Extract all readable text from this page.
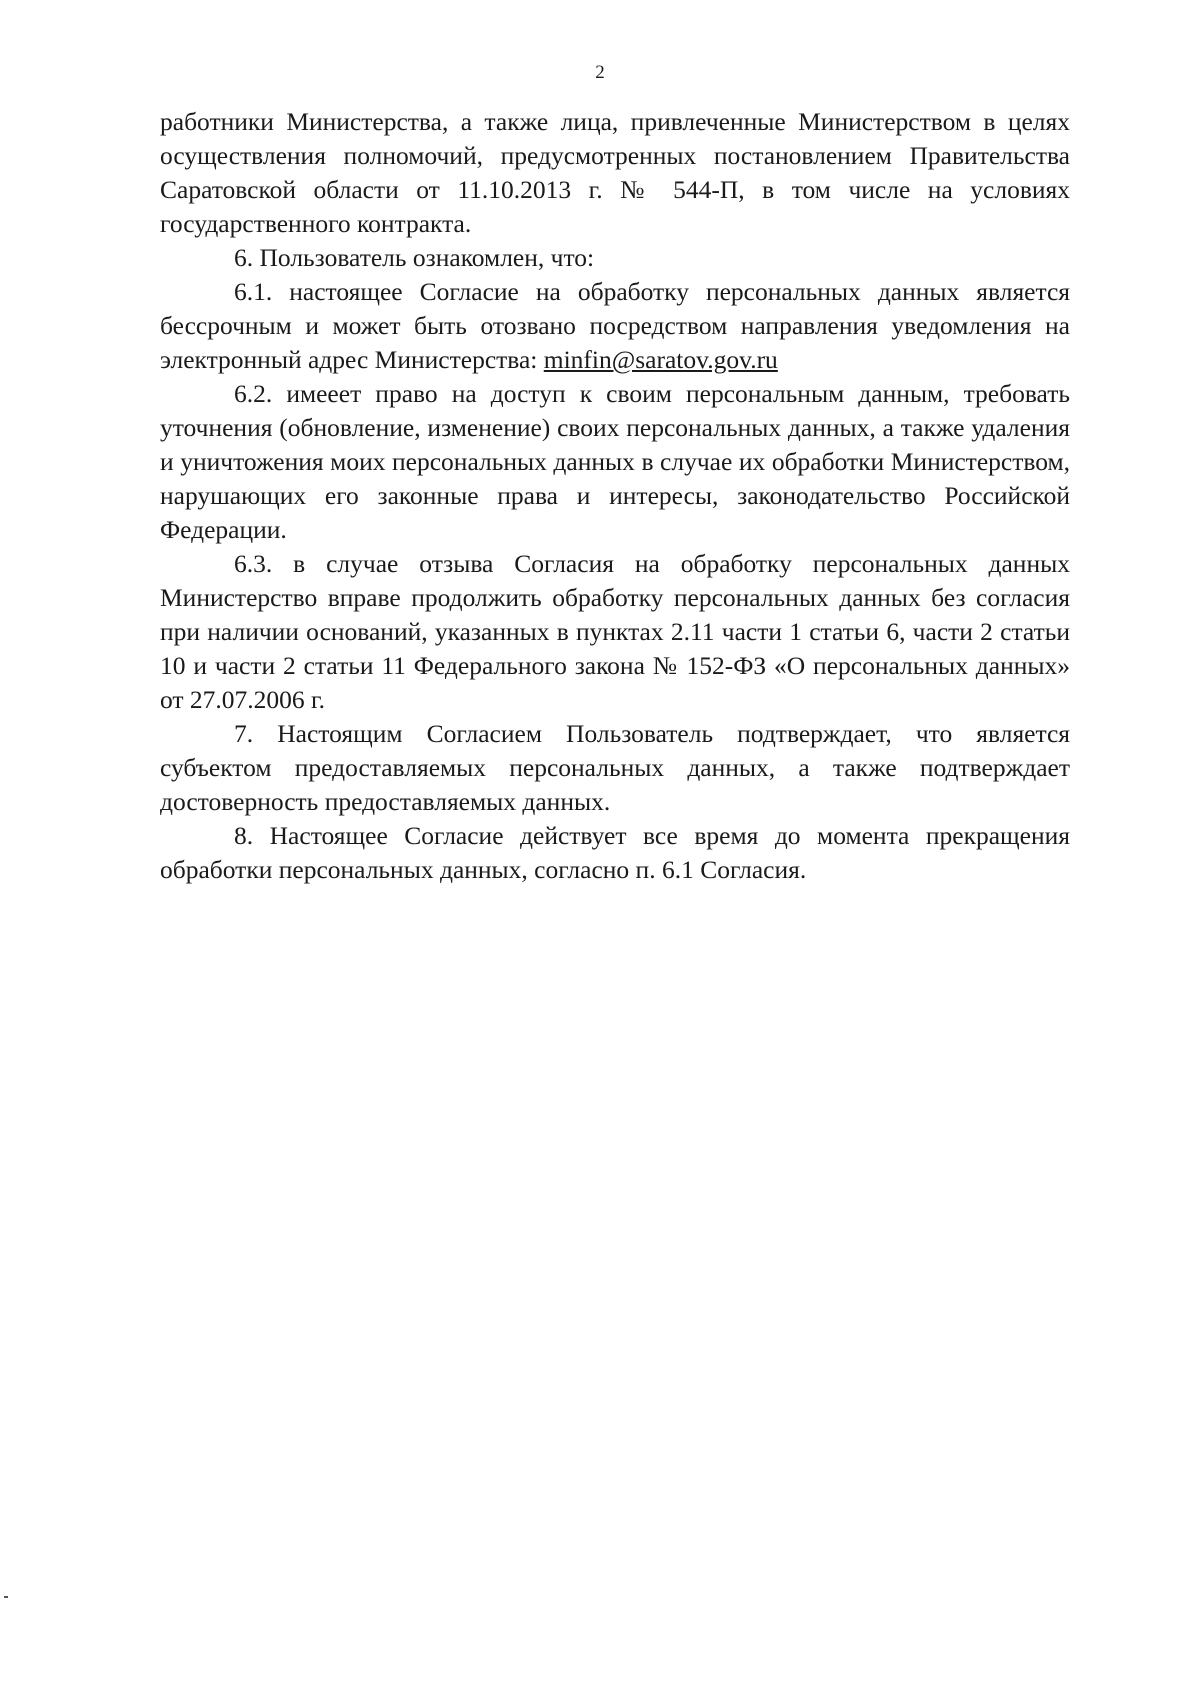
2

работники Министерства, а также лица, привлеченные Министерством в целях осуществления полномочий, предусмотренных постановлением Правительства Саратовской области от 11.10.2013 г. № 544-П, в том числе на условиях государственного контракта.

6. Пользователь ознакомлен, что:

6.1. настоящее Согласие на обработку персональных данных является бессрочным и может быть отозвано посредством направления уведомления на электронный адрес Министерства: minfin@saratov.gov.ru

6.2. имееет право на доступ к своим персональным данным, требовать уточнения (обновление, изменение) своих персональных данных, а также удаления и уничтожения моих персональных данных в случае их обработки Министерством, нарушающих его законные права и интересы, законодательство Российской Федерации.

6.3. в случае отзыва Согласия на обработку персональных данных Министерство вправе продолжить обработку персональных данных без согласия при наличии оснований, указанных в пунктах 2.11 части 1 статьи 6, части 2 статьи 10 и части 2 статьи 11 Федерального закона № 152-ФЗ «О персональных данных» от 27.07.2006 г.

7. Настоящим Согласием Пользователь подтверждает, что является субъектом предоставляемых персональных данных, а также подтверждает достоверность предоставляемых данных.

8. Настоящее Согласие действует все время до момента прекращения обработки персональных данных, согласно п. 6.1 Согласия.
